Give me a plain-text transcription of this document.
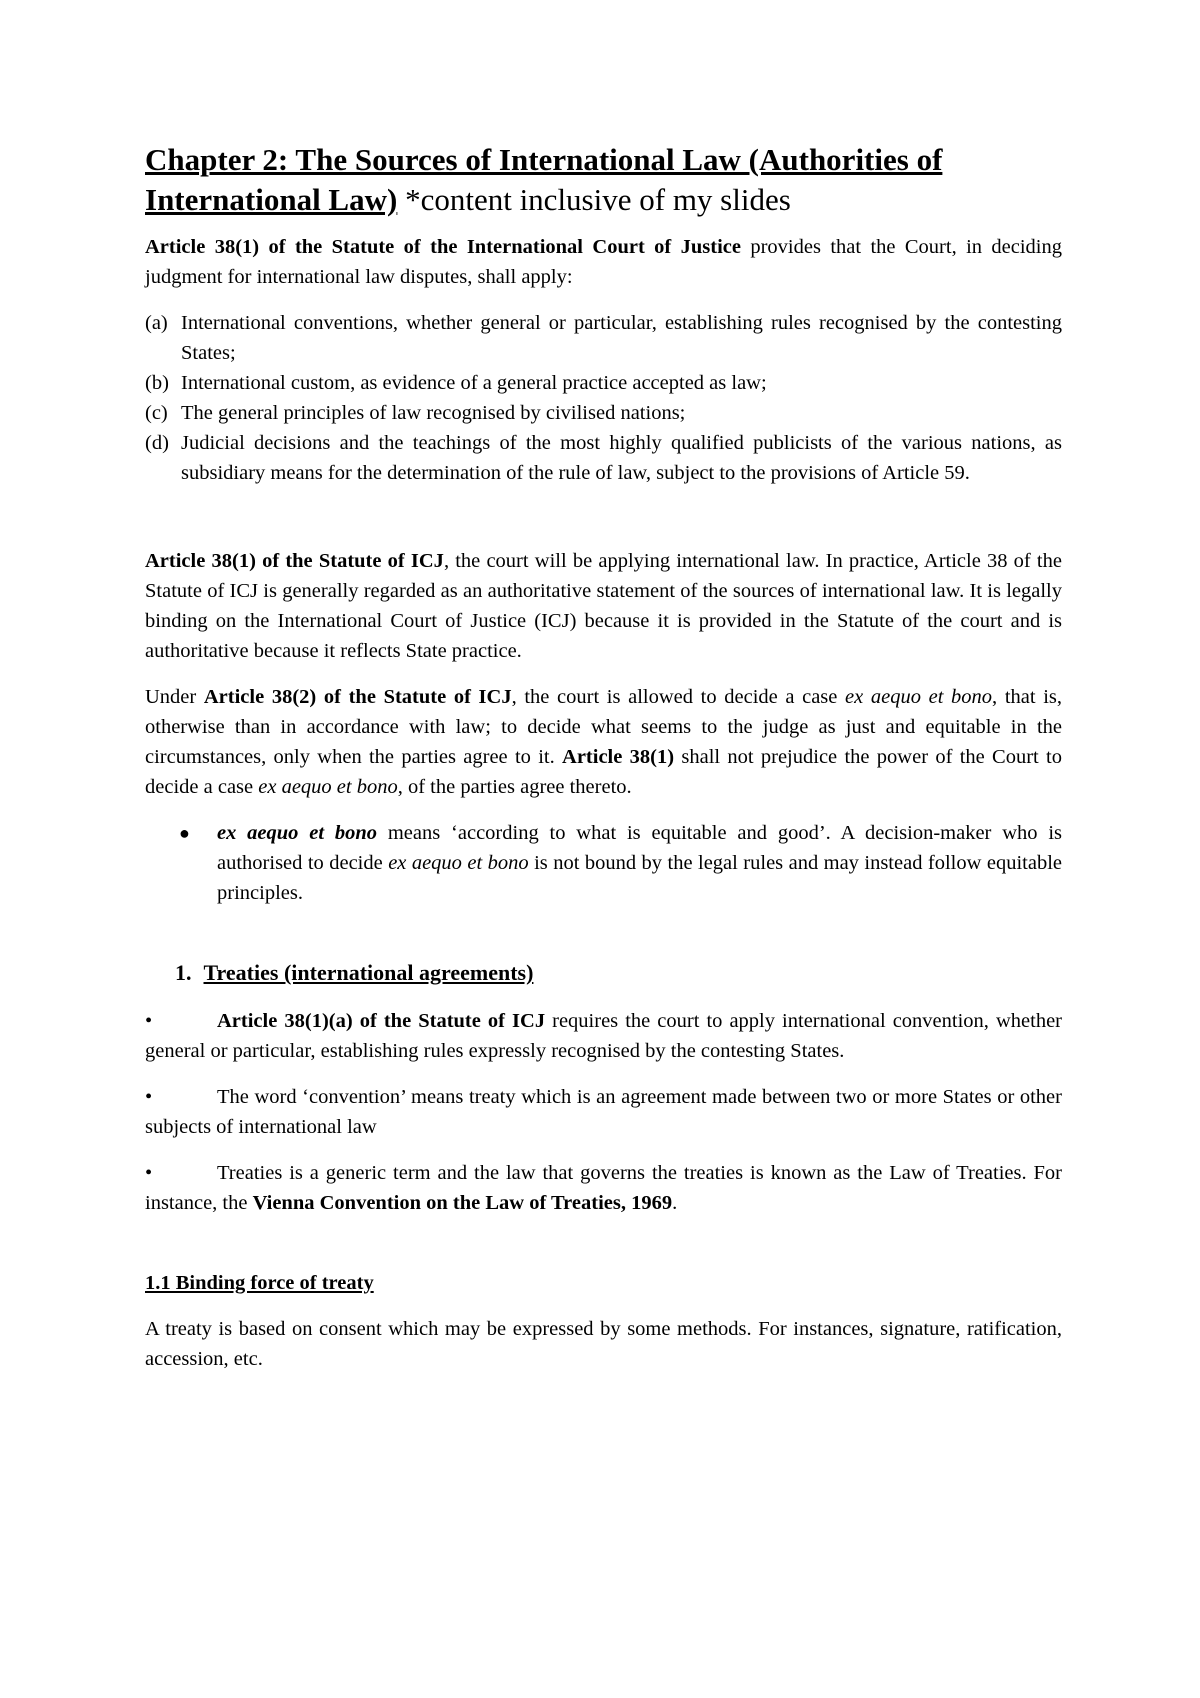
Chapter 2: The Sources of International Law (Authorities of International Law) *content inclusive of my slides

Article 38(1) of the Statute of the International Court of Justice provides that the Court, in deciding judgment for international law disputes, shall apply:

(a) International conventions, whether general or particular, establishing rules recognised by the contesting States;
(b) International custom, as evidence of a general practice accepted as law;
(c) The general principles of law recognised by civilised nations;
(d) Judicial decisions and the teachings of the most highly qualified publicists of the various nations, as subsidiary means for the determination of the rule of law, subject to the provisions of Article 59.

Article 38(1) of the Statute of ICJ, the court will be applying international law. In practice, Article 38 of the Statute of ICJ is generally regarded as an authoritative statement of the sources of international law. It is legally binding on the International Court of Justice (ICJ) because it is provided in the Statute of the court and is authoritative because it reflects State practice.

Under Article 38(2) of the Statute of ICJ, the court is allowed to decide a case ex aequo et bono, that is, otherwise than in accordance with law; to decide what seems to the judge as just and equitable in the circumstances, only when the parties agree to it. Article 38(1) shall not prejudice the power of the Court to decide a case ex aequo et bono, of the parties agree thereto.

●	ex aequo et bono means ‘according to what is equitable and good’. A decision-maker who is authorised to decide ex aequo et bono is not bound by the legal rules and may instead follow equitable principles.
1. Treaties (international agreements)

•	Article 38(1)(a) of the Statute of ICJ requires the court to apply international convention, whether general or particular, establishing rules expressly recognised by the contesting States.

•	The word ‘convention’ means treaty which is an agreement made between two or more States or other subjects of international law

•	Treaties is a generic term and the law that governs the treaties is known as the Law of Treaties. For instance, the Vienna Convention on the Law of Treaties, 1969.

1.1 Binding force of treaty

A treaty is based on consent which may be expressed by some methods. For instances, signature, ratification, accession, etc.
